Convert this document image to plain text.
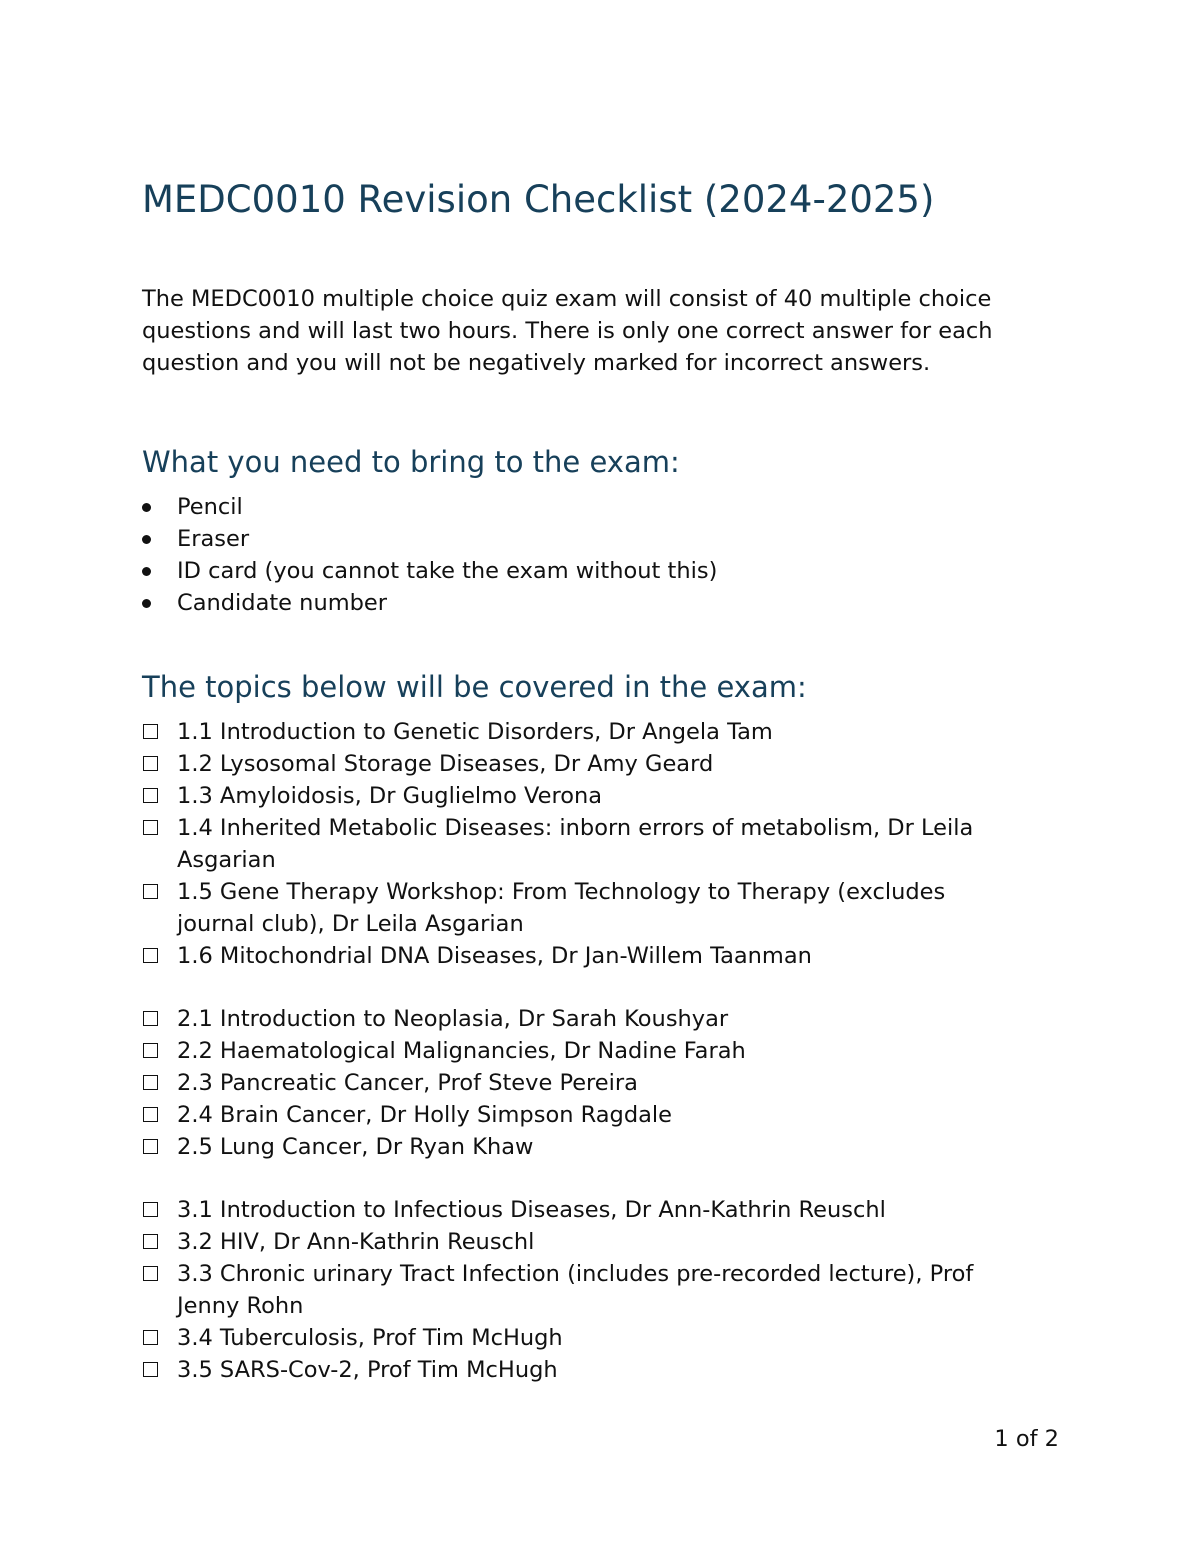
MEDC0010 Revision Checklist (2024-2025)

The MEDC0010 multiple choice quiz exam will consist of 40 multiple choice
questions and will last two hours. There is only one correct answer for each
question and you will not be negatively marked for incorrect answers.

What you need to bring to the exam:
Pencil
Eraser
ID card (you cannot take the exam without this)
Candidate number
The topics below will be covered in the exam:
1.1 Introduction to Genetic Disorders, Dr Angela Tam
1.2 Lysosomal Storage Diseases, Dr Amy Geard
1.3 Amyloidosis, Dr Guglielmo Verona
1.4 Inherited Metabolic Diseases: inborn errors of metabolism, Dr Leila
Asgarian
1.5 Gene Therapy Workshop: From Technology to Therapy (excludes
journal club), Dr Leila Asgarian
1.6 Mitochondrial DNA Diseases, Dr Jan-Willem Taanman
2.1 Introduction to Neoplasia, Dr Sarah Koushyar
2.2 Haematological Malignancies, Dr Nadine Farah
2.3 Pancreatic Cancer, Prof Steve Pereira
2.4 Brain Cancer, Dr Holly Simpson Ragdale
2.5 Lung Cancer, Dr Ryan Khaw
3.1 Introduction to Infectious Diseases, Dr Ann-Kathrin Reuschl
3.2 HIV, Dr Ann-Kathrin Reuschl
3.3 Chronic urinary Tract Infection (includes pre-recorded lecture), Prof
Jenny Rohn
3.4 Tuberculosis, Prof Tim McHugh
3.5 SARS-Cov-2, Prof Tim McHugh
1 of 2
